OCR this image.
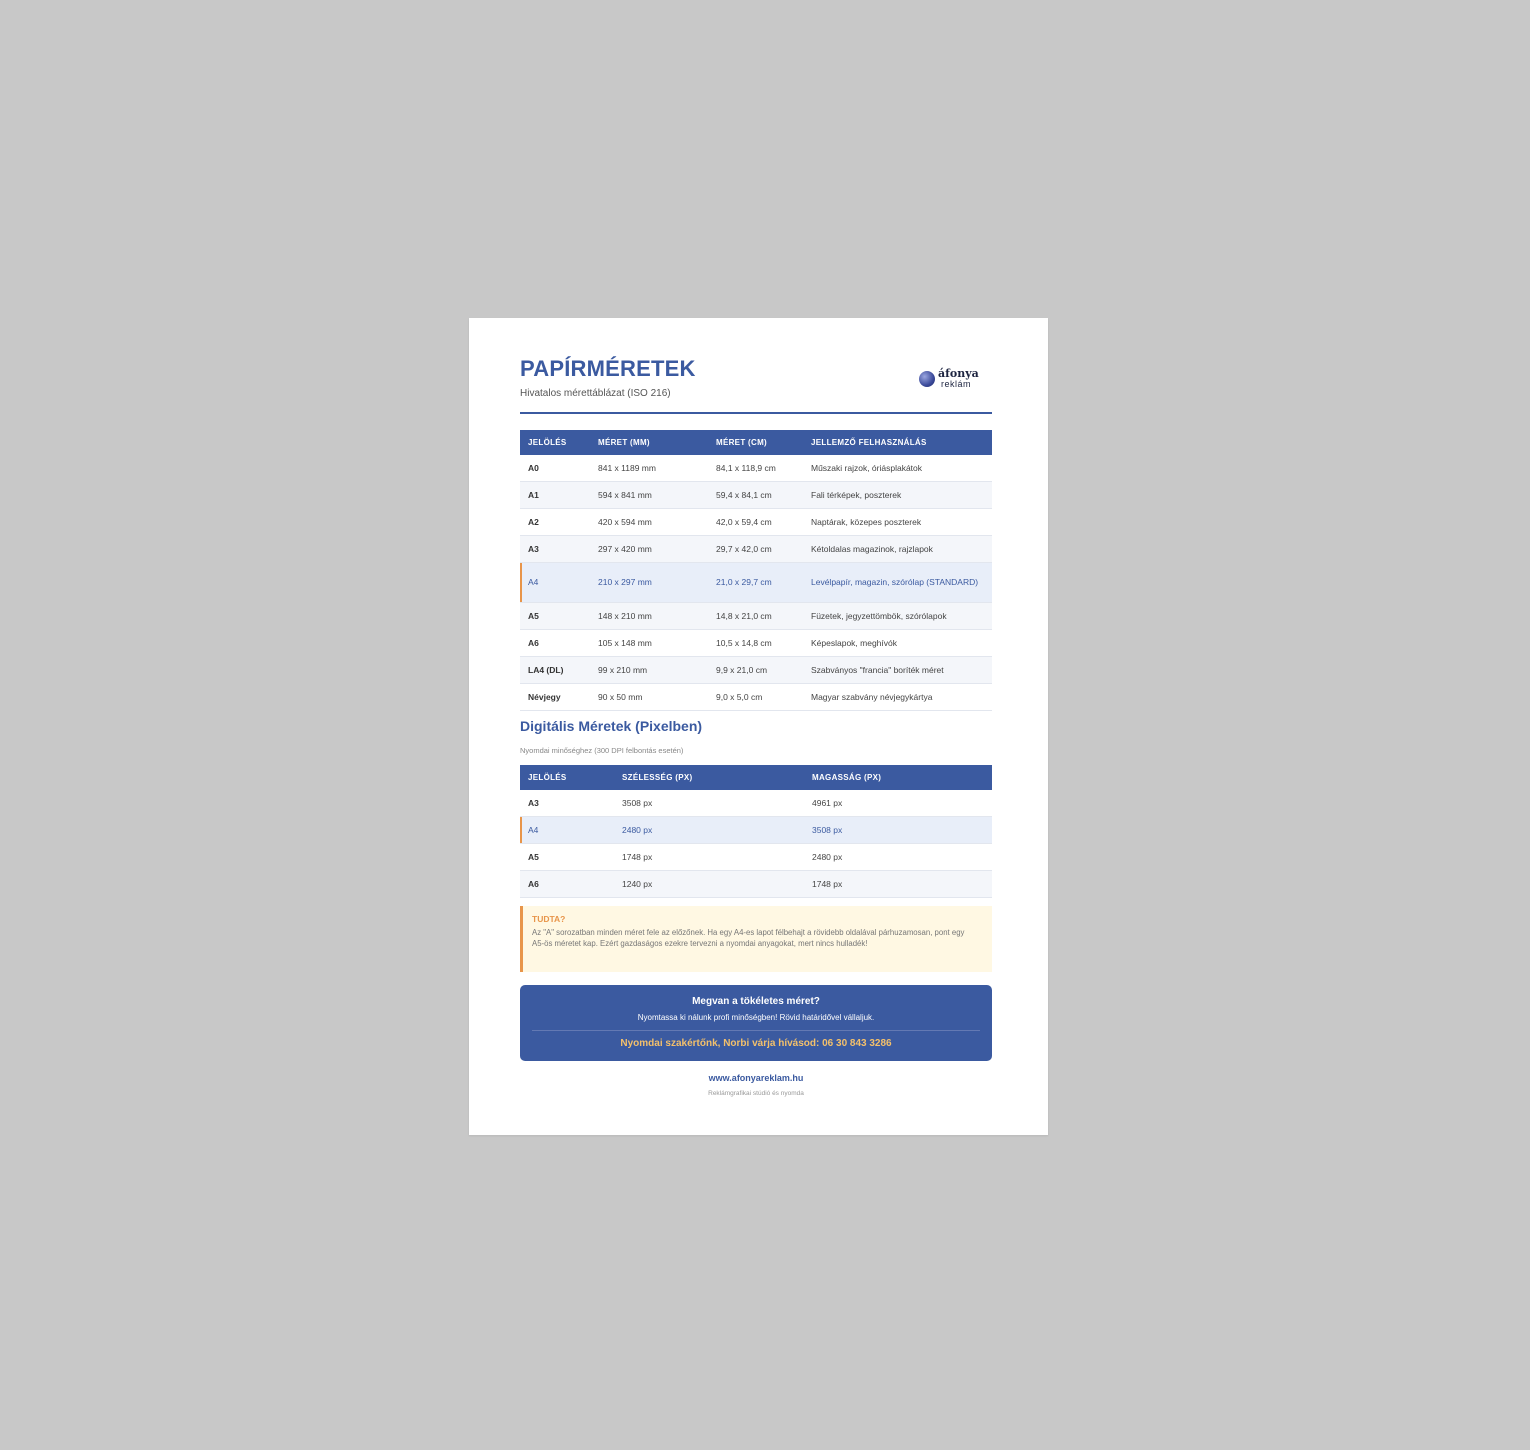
PAPÍRMÉRETEK
Hivatalos mérettáblázat (ISO 216)
áfonya
reklám
JELÖLÉS	MÉRET (MM)	MÉRET (CM)	JELLEMZŐ FELHASZNÁLÁS
A0	841 x 1189 mm	84,1 x 118,9 cm	Műszaki rajzok, óriásplakátok
A1	594 x 841 mm	59,4 x 84,1 cm	Fali térképek, poszterek
A2	420 x 594 mm	42,0 x 59,4 cm	Naptárak, közepes poszterek
A3	297 x 420 mm	29,7 x 42,0 cm	Kétoldalas magazinok, rajzlapok
A4	210 x 297 mm	21,0 x 29,7 cm	Levélpapír, magazin, szórólap (STANDARD)
A5	148 x 210 mm	14,8 x 21,0 cm	Füzetek, jegyzettömbök, szórólapok
A6	105 x 148 mm	10,5 x 14,8 cm	Képeslapok, meghívók
LA4 (DL)	99 x 210 mm	9,9 x 21,0 cm	Szabványos "francia" boríték méret
Névjegy	90 x 50 mm	9,0 x 5,0 cm	Magyar szabvány névjegykártya
Digitális Méretek (Pixelben)
Nyomdai minőséghez (300 DPI felbontás esetén)
JELÖLÉS	SZÉLESSÉG (PX)	MAGASSÁG (PX)
A3	3508 px	4961 px
A4	2480 px	3508 px
A5	1748 px	2480 px
A6	1240 px	1748 px
TUDTA?
Az "A" sorozatban minden méret fele az előzőnek. Ha egy A4-es lapot félbehajt a rövidebb oldalával párhuzamosan, pont egy A5-ös méretet kap. Ezért gazdaságos ezekre tervezni a nyomdai anyagokat, mert nincs hulladék!
Megvan a tökéletes méret?
Nyomtassa ki nálunk profi minőségben! Rövid határidővel vállaljuk.
Nyomdai szakértőnk, Norbi várja hívásod: 06 30 843 3286
www.afonyareklam.hu
Reklámgrafikai stúdió és nyomda
